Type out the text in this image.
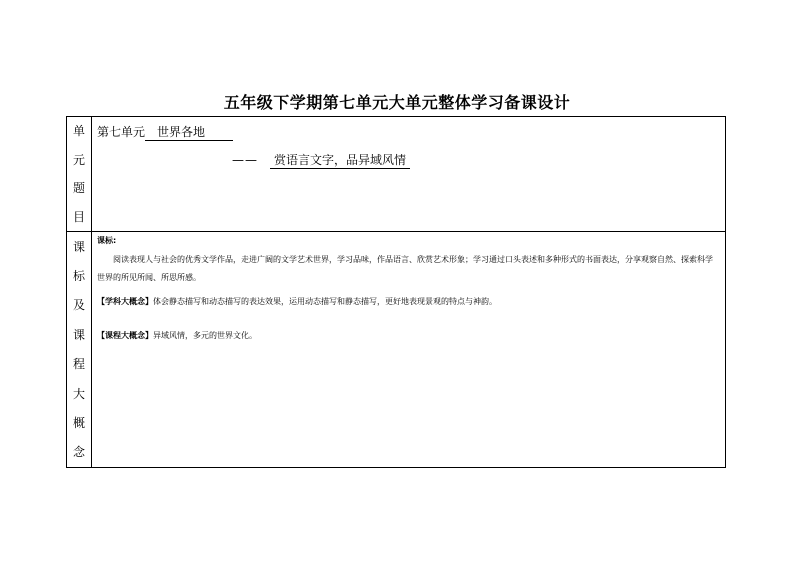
五年级下学期第七单元大单元整体学习备课设计
单
元
题
目
第七单元 世界各地
—— 赏语言文字，品异域风情
课
标
及
课
程
大
概
念
课标:
阅读表现人与社会的优秀文学作品，走进广阔的文学艺术世界，学习品味，作品语言、欣赏艺术形象；学习通过口头表述和多种形式的书面表达，分享观察自然、探索科学世界的所见所闻、所思所感。
【学科大概念】体会静态描写和动态描写的表达效果，运用动态描写和静态描写，更好地表现景观的特点与神韵。
【课程大概念】异域风情，多元的世界文化。
